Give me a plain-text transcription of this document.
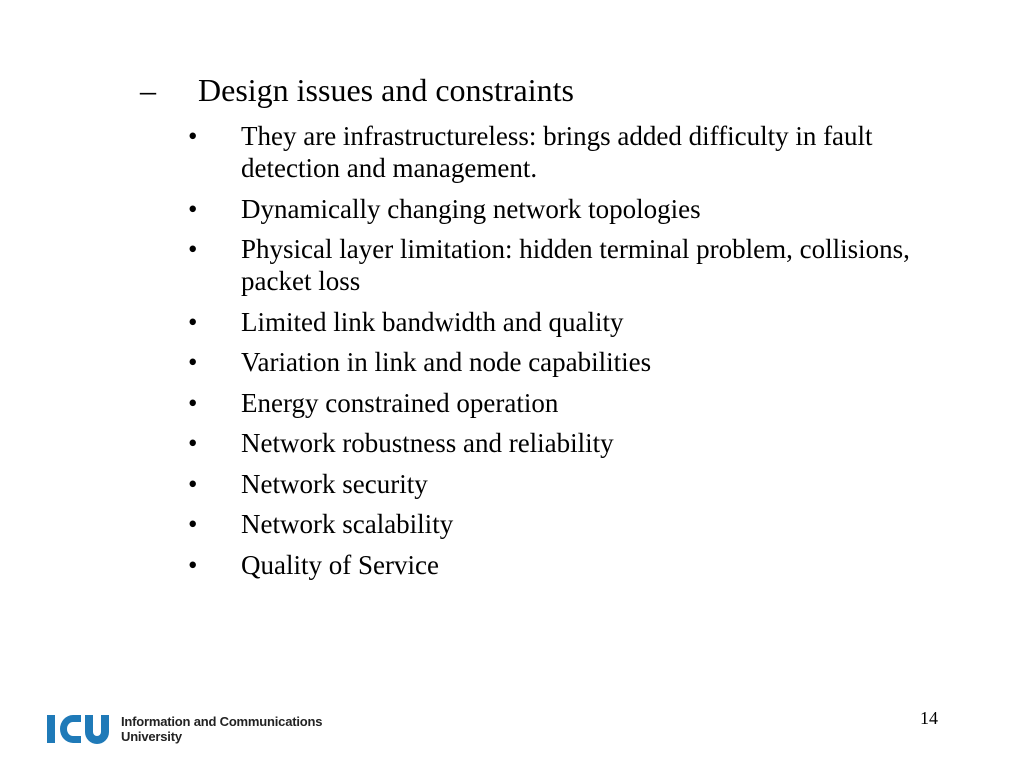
– Design issues and constraints
• They are infrastructureless: brings added difficulty in fault detection and management.
• Dynamically changing network topologies
• Physical layer limitation: hidden terminal problem, collisions, packet loss
• Limited link bandwidth and quality
• Variation in link and node capabilities
• Energy constrained operation
• Network robustness and reliability
• Network security
• Network scalability
• Quality of Service
Information and Communications
University
14
